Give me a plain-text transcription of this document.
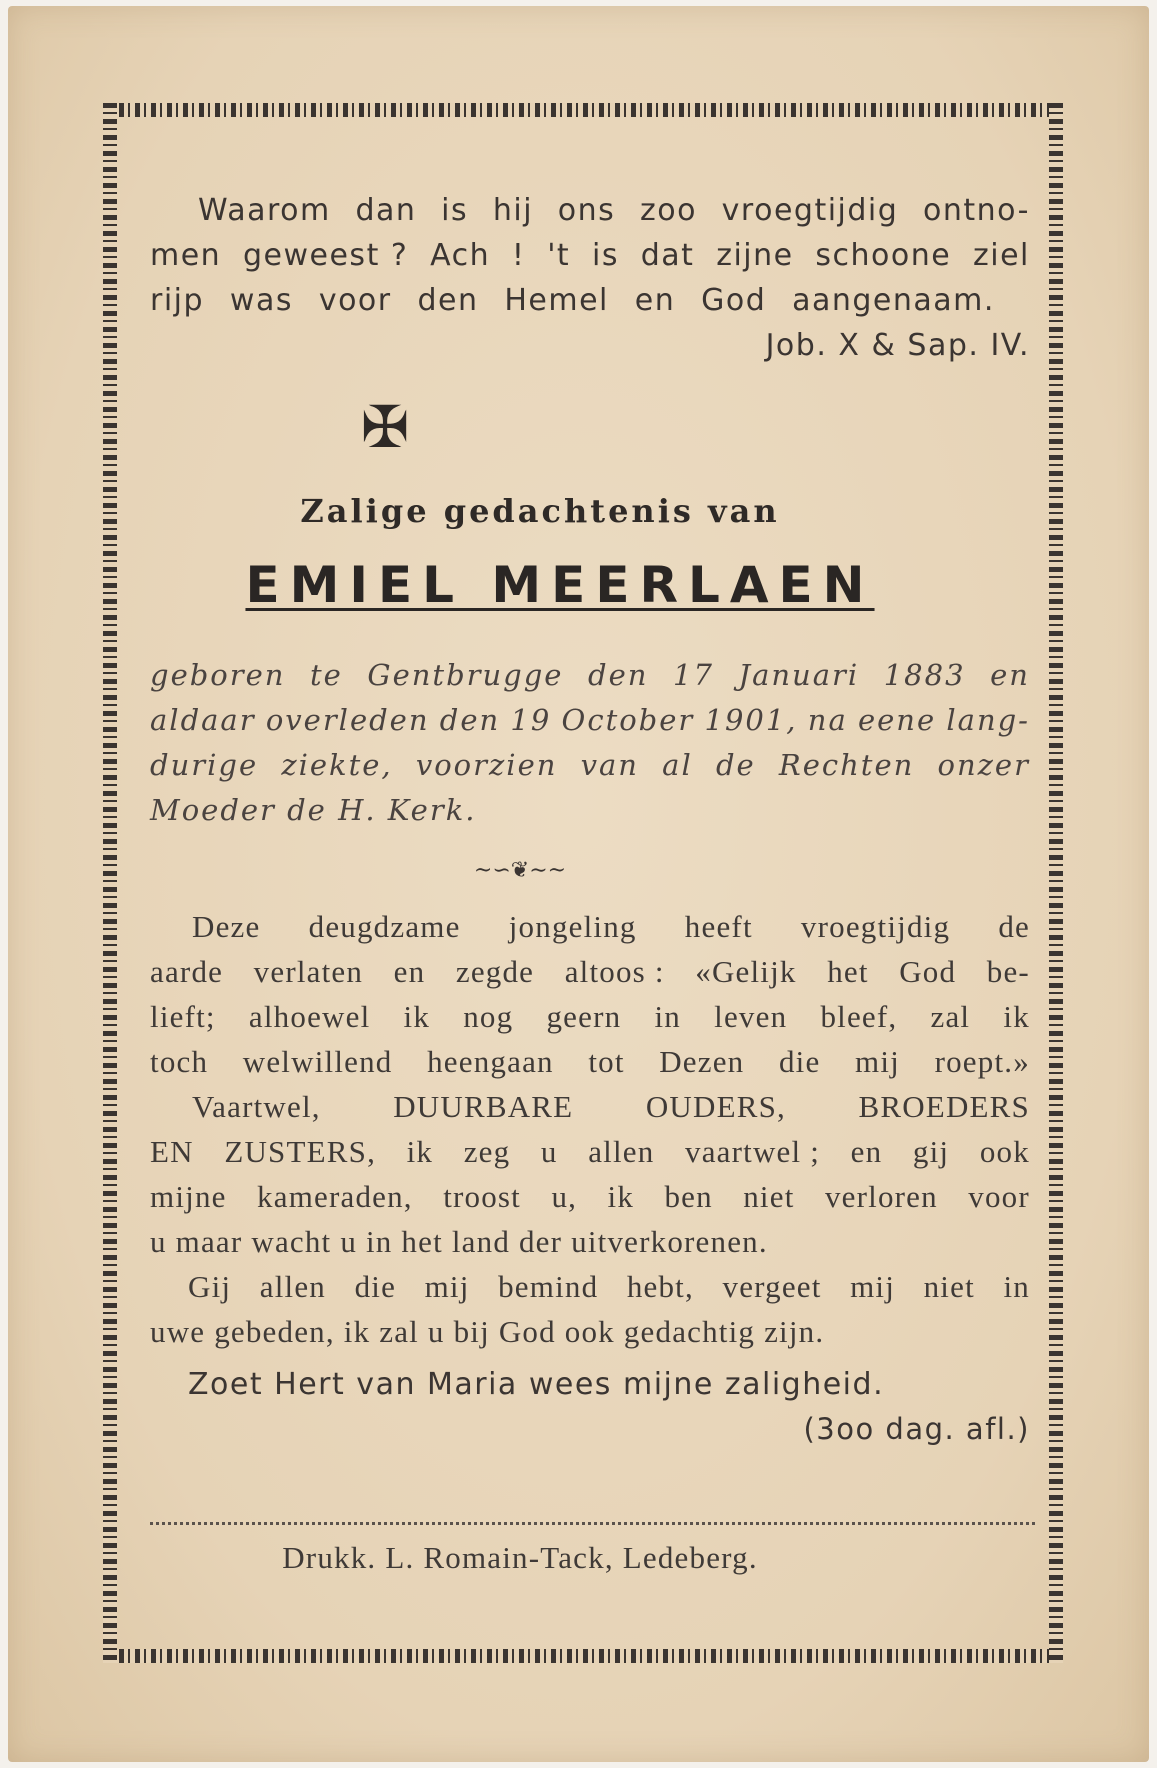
Waarom dan is hij ons zoo vroegtijdig ontno-
men geweest ? Ach ! 't is dat zijne schoone ziel
rijp was voor den Hemel en God aangenaam.
Job. X & Sap. IV.
✠
Zalige gedachtenis van
EMIEL MEERLAEN
geboren te Gentbrugge den 17 Januari 1883 en
aldaar overleden den 19 October 1901, na eene lang-
durige ziekte, voorzien van al de Rechten onzer
Moeder de H. Kerk.
~∽❦∼~
Deze deugdzame jongeling heeft vroegtijdig de
aarde verlaten en zegde altoos : «Gelijk het God be-
lieft; alhoewel ik nog geern in leven bleef, zal ik
toch welwillend heengaan tot Dezen die mij roept.»
Vaartwel, DUURBARE OUDERS, BROEDERS
EN ZUSTERS, ik zeg u allen vaartwel ; en gij ook
mijne kameraden, troost u, ik ben niet verloren voor
u maar wacht u in het land der uitverkorenen.
Gij allen die mij bemind hebt, vergeet mij niet in
uwe gebeden, ik zal u bij God ook gedachtig zijn.
Zoet Hert van Maria wees mijne zaligheid.
(3oo dag. afl.)
Drukk. L. Romain-Tack, Ledeberg.
